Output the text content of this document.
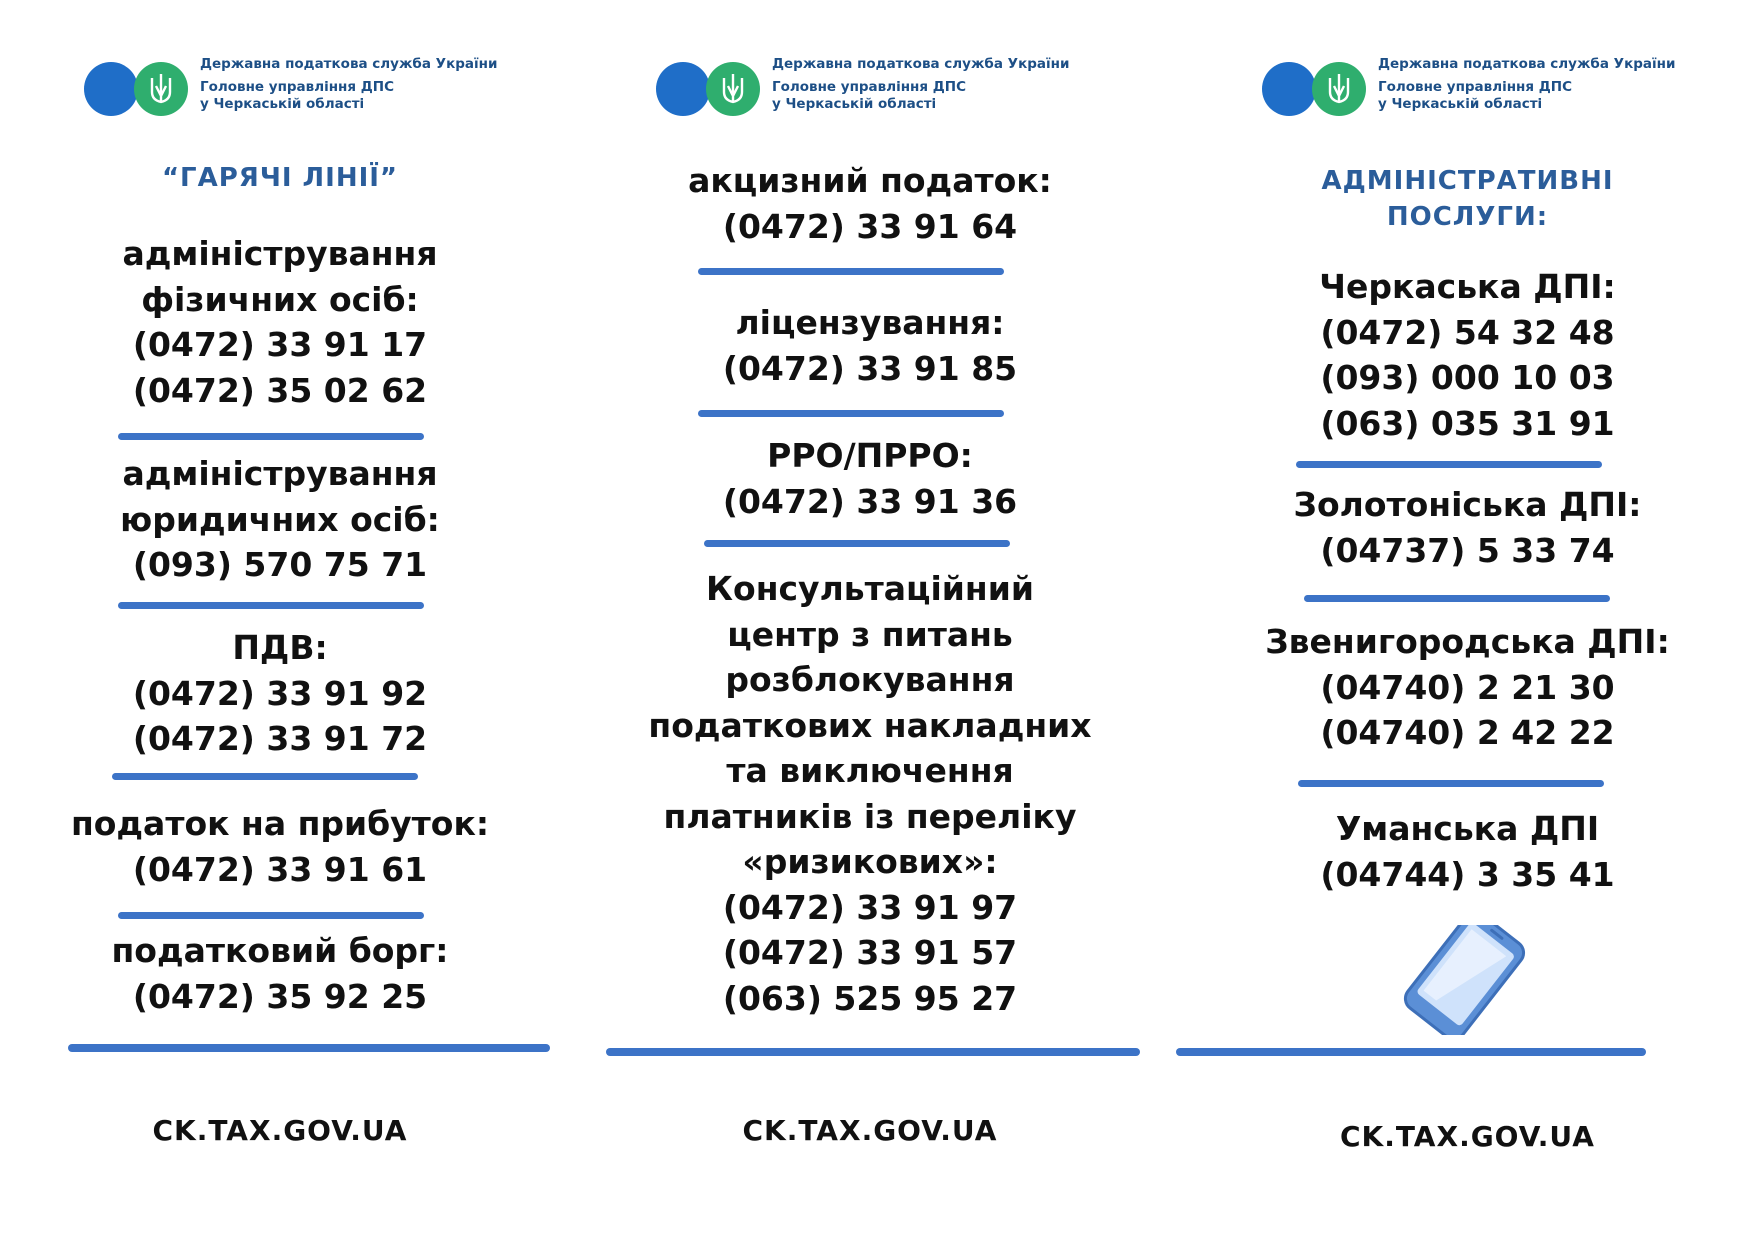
Державна податкова служба України
Головне управління ДПС
у Черкаській області
“ГАРЯЧІ ЛІНІЇ”
адміністрування
фізичних осіб:
(0472) 33 91 17
(0472) 35 02 62
адміністрування
юридичних осіб:
(093) 570 75 71
ПДВ:
(0472) 33 91 92
(0472) 33 91 72
податок на прибуток:
(0472) 33 91 61
податковий борг:
(0472) 35 92 25
CK.TAX.GOV.UA
Державна податкова служба України
Головне управління ДПС
у Черкаській області
акцизний податок:
(0472) 33 91 64
ліцензування:
(0472) 33 91 85
РРО/ПРРО:
(0472) 33 91 36
Консультаційний
центр з питань
розблокування
податкових накладних
та виключення
платників із переліку
«ризикових»:
(0472) 33 91 97
(0472) 33 91 57
(063) 525 95 27
CK.TAX.GOV.UA
Державна податкова служба України
Головне управління ДПС
у Черкаській області
АДМІНІСТРАТИВНІ
ПОСЛУГИ:
Черкаська ДПІ:
(0472) 54 32 48
(093) 000 10 03
(063) 035 31 91
Золотоніська ДПІ:
(04737) 5 33 74
Звенигородська ДПІ:
(04740) 2 21 30
(04740) 2 42 22
Уманська ДПІ
(04744) 3 35 41
CK.TAX.GOV.UA
